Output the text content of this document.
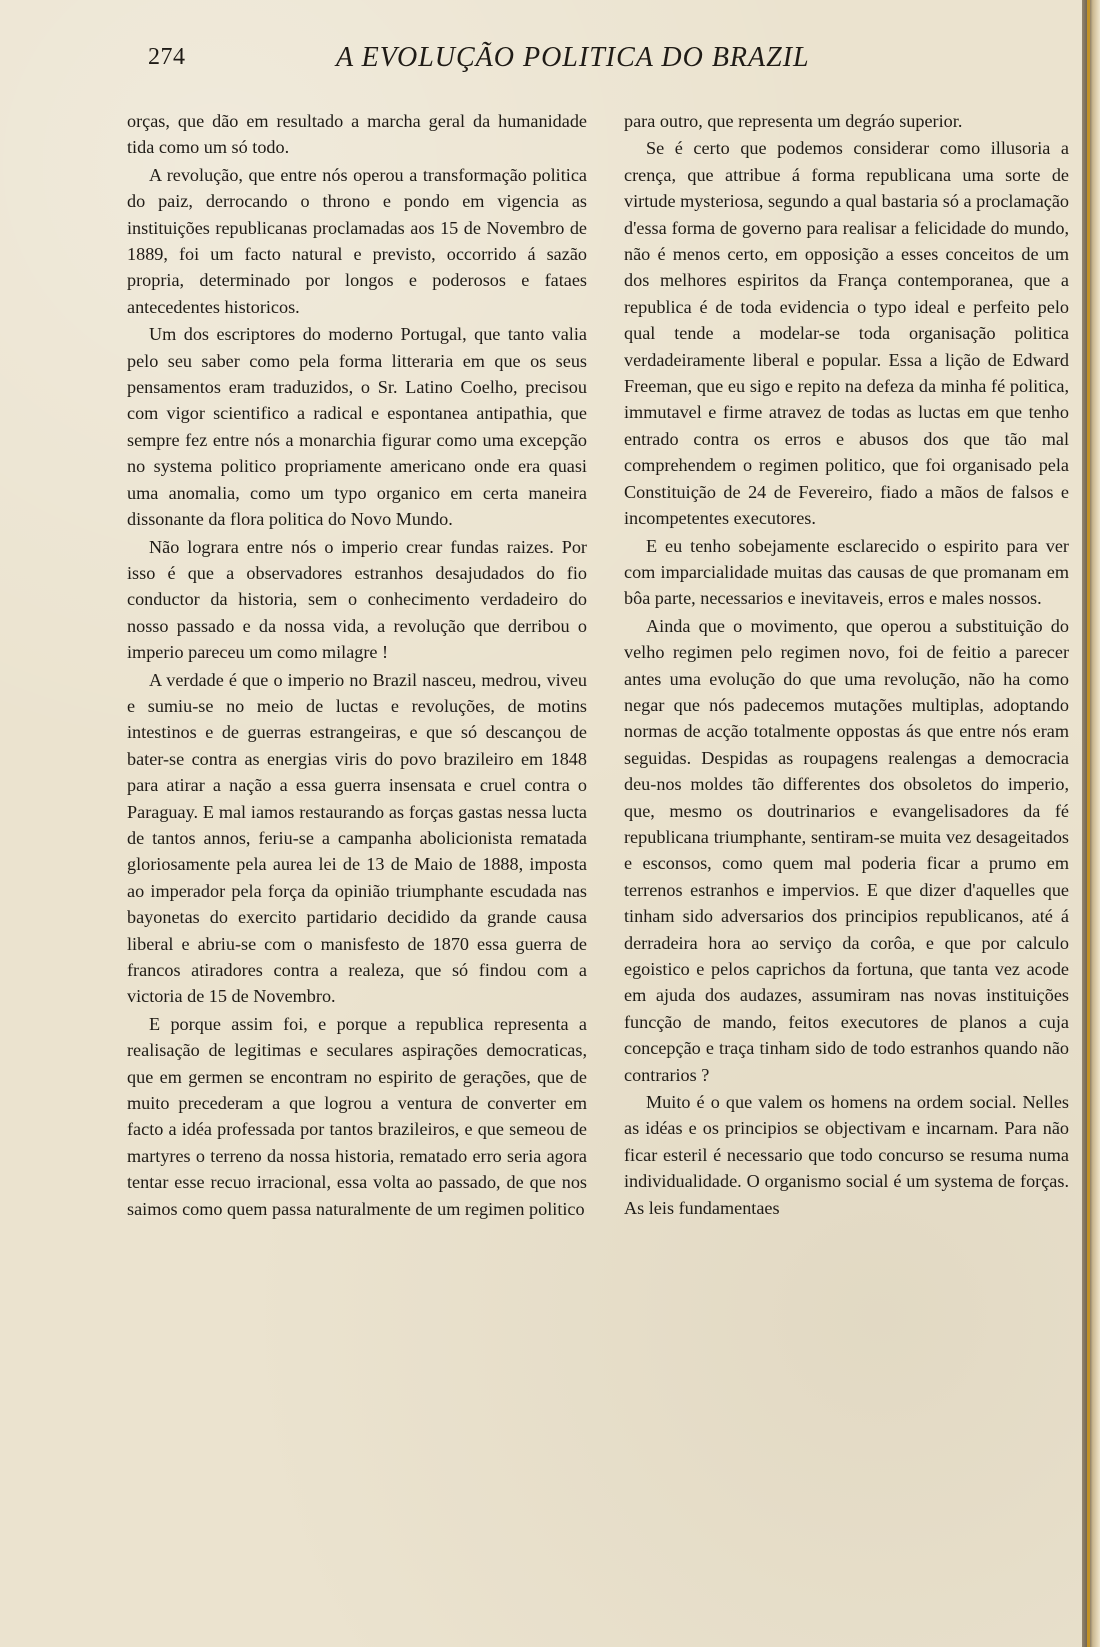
274	A EVOLUÇÃO POLITICA DO BRAZIL

orças, que dão em resultado a marcha geral da humanidade tida como um só todo.

A revolução, que entre nós operou a transformação politica do paiz, derrocando o throno e pondo em vigencia as instituições republicanas proclamadas aos 15 de Novembro de 1889, foi um facto natural e previsto, occorrido á sazão propria, determinado por longos e poderosos e fataes antecedentes historicos.

Um dos escriptores do moderno Portugal, que tanto valia pelo seu saber como pela forma litteraria em que os seus pensamentos eram traduzidos, o Sr. Latino Coelho, precisou com vigor scientifico a radical e espontanea antipathia, que sempre fez entre nós a monarchia figurar como uma excepção no systema politico propriamente americano onde era quasi uma anomalia, como um typo organico em certa maneira dissonante da flora politica do Novo Mundo.

Não lograra entre nós o imperio crear fundas raizes. Por isso é que a observadores estranhos desajudados do fio conductor da historia, sem o conhecimento verdadeiro do nosso passado e da nossa vida, a revolução que derribou o imperio pareceu um como milagre !

A verdade é que o imperio no Brazil nasceu, medrou, viveu e sumiu-se no meio de luctas e revoluções, de motins intestinos e de guerras estrangeiras, e que só descançou de bater-se contra as energias viris do povo brazileiro em 1848 para atirar a nação a essa guerra insensata e cruel contra o Paraguay. E mal iamos restaurando as forças gastas nessa lucta de tantos annos, feriu-se a campanha abolicionista rematada gloriosamente pela aurea lei de 13 de Maio de 1888, imposta ao imperador pela força da opinião triumphante escudada nas bayonetas do exercito partidario decidido da grande causa liberal e abriu-se com o manisfesto de 1870 essa guerra de francos atiradores contra a realeza, que só findou com a victoria de 15 de Novembro.

E porque assim foi, e porque a republica representa a realisação de legitimas e seculares aspirações democraticas, que em germen se encontram no espirito de gerações, que de muito precederam a que logrou a ventura de converter em facto a idéa professada por tantos brazileiros, e que semeou de martyres o terreno da nossa historia, rematado erro seria agora tentar esse recuo irracional, essa volta ao passado, de que nos saimos como quem passa naturalmente de um regimen politico

para outro, que representa um degráo superior.

Se é certo que podemos considerar como illusoria a crença, que attribue á forma republicana uma sorte de virtude mysteriosa, segundo a qual bastaria só a proclamação d'essa forma de governo para realisar a felicidade do mundo, não é menos certo, em opposição a esses conceitos de um dos melhores espiritos da França contemporanea, que a republica é de toda evidencia o typo ideal e perfeito pelo qual tende a modelar-se toda organisação politica verdadeiramente liberal e popular. Essa a lição de Edward Freeman, que eu sigo e repito na defeza da minha fé politica, immutavel e firme atravez de todas as luctas em que tenho entrado contra os erros e abusos dos que tão mal comprehendem o regimen politico, que foi organisado pela Constituição de 24 de Fevereiro, fiado a mãos de falsos e incompetentes executores.

E eu tenho sobejamente esclarecido o espirito para ver com imparcialidade muitas das causas de que promanam em bôa parte, necessarios e inevitaveis, erros e males nossos.

Ainda que o movimento, que operou a substituição do velho regimen pelo regimen novo, foi de feitio a parecer antes uma evolução do que uma revolução, não ha como negar que nós padecemos mutações multiplas, adoptando normas de acção totalmente oppostas ás que entre nós eram seguidas. Despidas as roupagens realengas a democracia deu-nos moldes tão differentes dos obsoletos do imperio, que, mesmo os doutrinarios e evangelisadores da fé republicana triumphante, sentiram-se muita vez desageitados e esconsos, como quem mal poderia ficar a prumo em terrenos estranhos e impervios. E que dizer d'aquelles que tinham sido adversarios dos principios republicanos, até á derradeira hora ao serviço da corôa, e que por calculo egoistico e pelos caprichos da fortuna, que tanta vez acode em ajuda dos audazes, assumiram nas novas instituições funcção de mando, feitos executores de planos a cuja concepção e traça tinham sido de todo estranhos quando não contrarios ?

Muito é o que valem os homens na ordem social. Nelles as idéas e os principios se objectivam e incarnam. Para não ficar esteril é necessario que todo concurso se resuma numa individualidade. O organismo social é um systema de forças. As leis fundamentaes
